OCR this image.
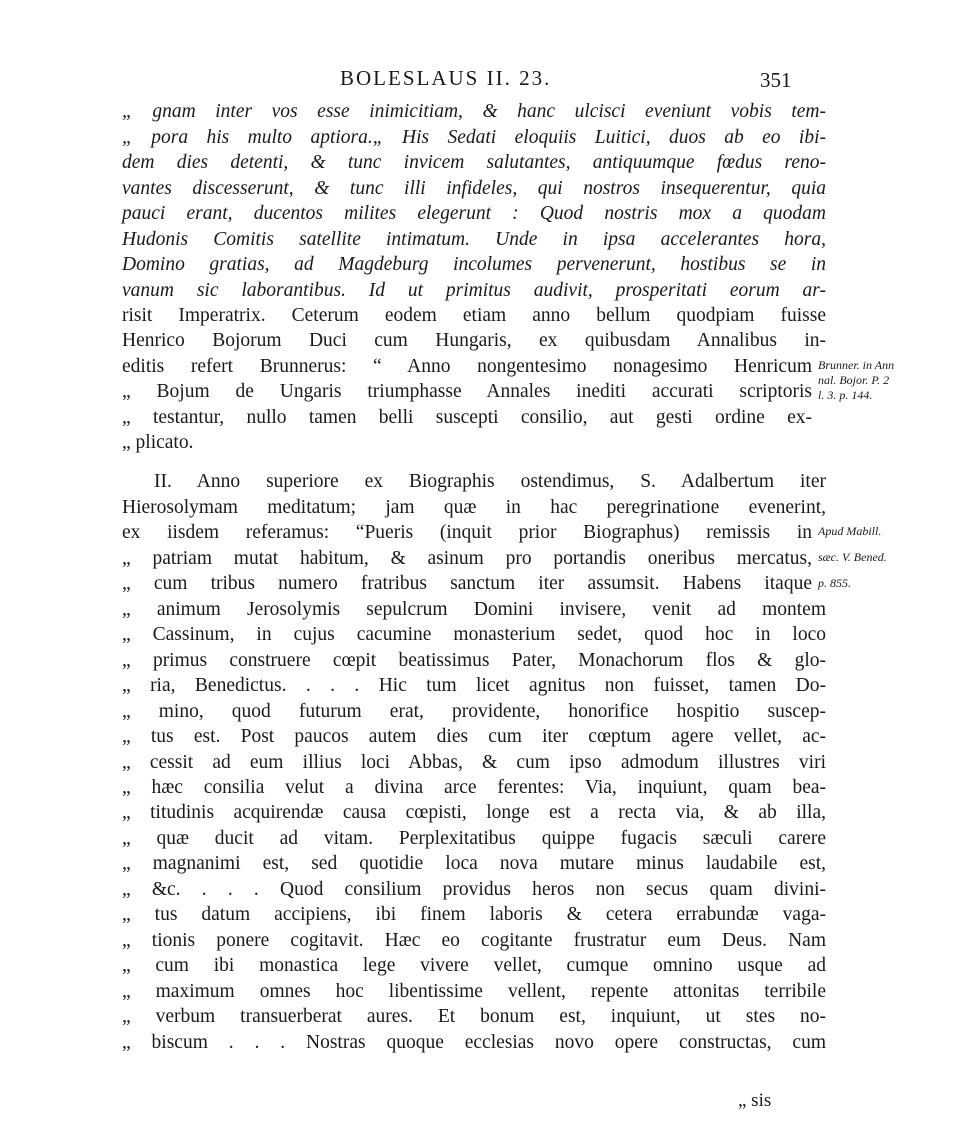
BOLESLAUS II. 23.	351
„ gnam inter vos esse inimicitiam, & hanc ulcisci eveniunt vobis tem-
„ pora his multo aptiora.„ His Sedati eloquiis Luitici, duos ab eo ibi-
dem dies detenti, & tunc invicem salutantes, antiquumque fœdus reno-
vantes discesserunt, & tunc illi infideles, qui nostros insequerentur, quia
pauci erant, ducentos milites elegerunt : Quod nostris mox a quodam
Hudonis Comitis satellite intimatum. Unde in ipsa accelerantes hora,
Domino gratias, ad Magdeburg incolumes pervenerunt, hostibus se in
vanum sic laborantibus. Id ut primitus audivit, prosperitati eorum ar-
risit Imperatrix. Ceterum eodem etiam anno bellum quodpiam fuisse
Henrico Bojorum Duci cum Hungaris, ex quibusdam Annalibus in-
editis refert Brunnerus: “ Anno nongentesimo nonagesimo Henricum
„ Bojum de Ungaris triumphasse Annales inediti accurati scriptoris
„ testantur, nullo tamen belli suscepti consilio, aut gesti ordine ex-
„ plicato.
Brunner. in Ann
nal. Bojor. P. 2
l. 3. p. 144.
II. Anno superiore ex Biographis ostendimus, S. Adalbertum iter
Hierosolymam meditatum; jam quæ in hac peregrinatione evenerint,
ex iisdem referamus: “Pueris (inquit prior Biographus) remissis in
„ patriam mutat habitum, & asinum pro portandis oneribus mercatus,
„ cum tribus numero fratribus sanctum iter assumsit. Habens itaque
„ animum Jerosolymis sepulcrum Domini invisere, venit ad montem
„ Cassinum, in cujus cacumine monasterium sedet, quod hoc in loco
„ primus construere cœpit beatissimus Pater, Monachorum flos & glo-
„ ria, Benedictus. . . . Hic tum licet agnitus non fuisset, tamen Do-
„ mino, quod futurum erat, providente, honorifice hospitio suscep-
„ tus est. Post paucos autem dies cum iter cœptum agere vellet, ac-
„ cessit ad eum illius loci Abbas, & cum ipso admodum illustres viri
„ hæc consilia velut a divina arce ferentes: Via, inquiunt, quam bea-
„ titudinis acquirendæ causa cœpisti, longe est a recta via, & ab illa,
„ quæ ducit ad vitam. Perplexitatibus quippe fugacis sæculi carere
„ magnanimi est, sed quotidie loca nova mutare minus laudabile est,
„ &c. . . . Quod consilium providus heros non secus quam divini-
„ tus datum accipiens, ibi finem laboris & cetera errabundæ vaga-
„ tionis ponere cogitavit. Hæc eo cogitante frustratur eum Deus. Nam
„ cum ibi monastica lege vivere vellet, cumque omnino usque ad
„ maximum omnes hoc libentissime vellent, repente attonitas terribile
„ verbum transuerberat aures. Et bonum est, inquiunt, ut stes no-
„ biscum . . . Nostras quoque ecclesias novo opere constructas, cum
Apud Mabill.
sæc. V. Bened.
p. 855.
„ sis
